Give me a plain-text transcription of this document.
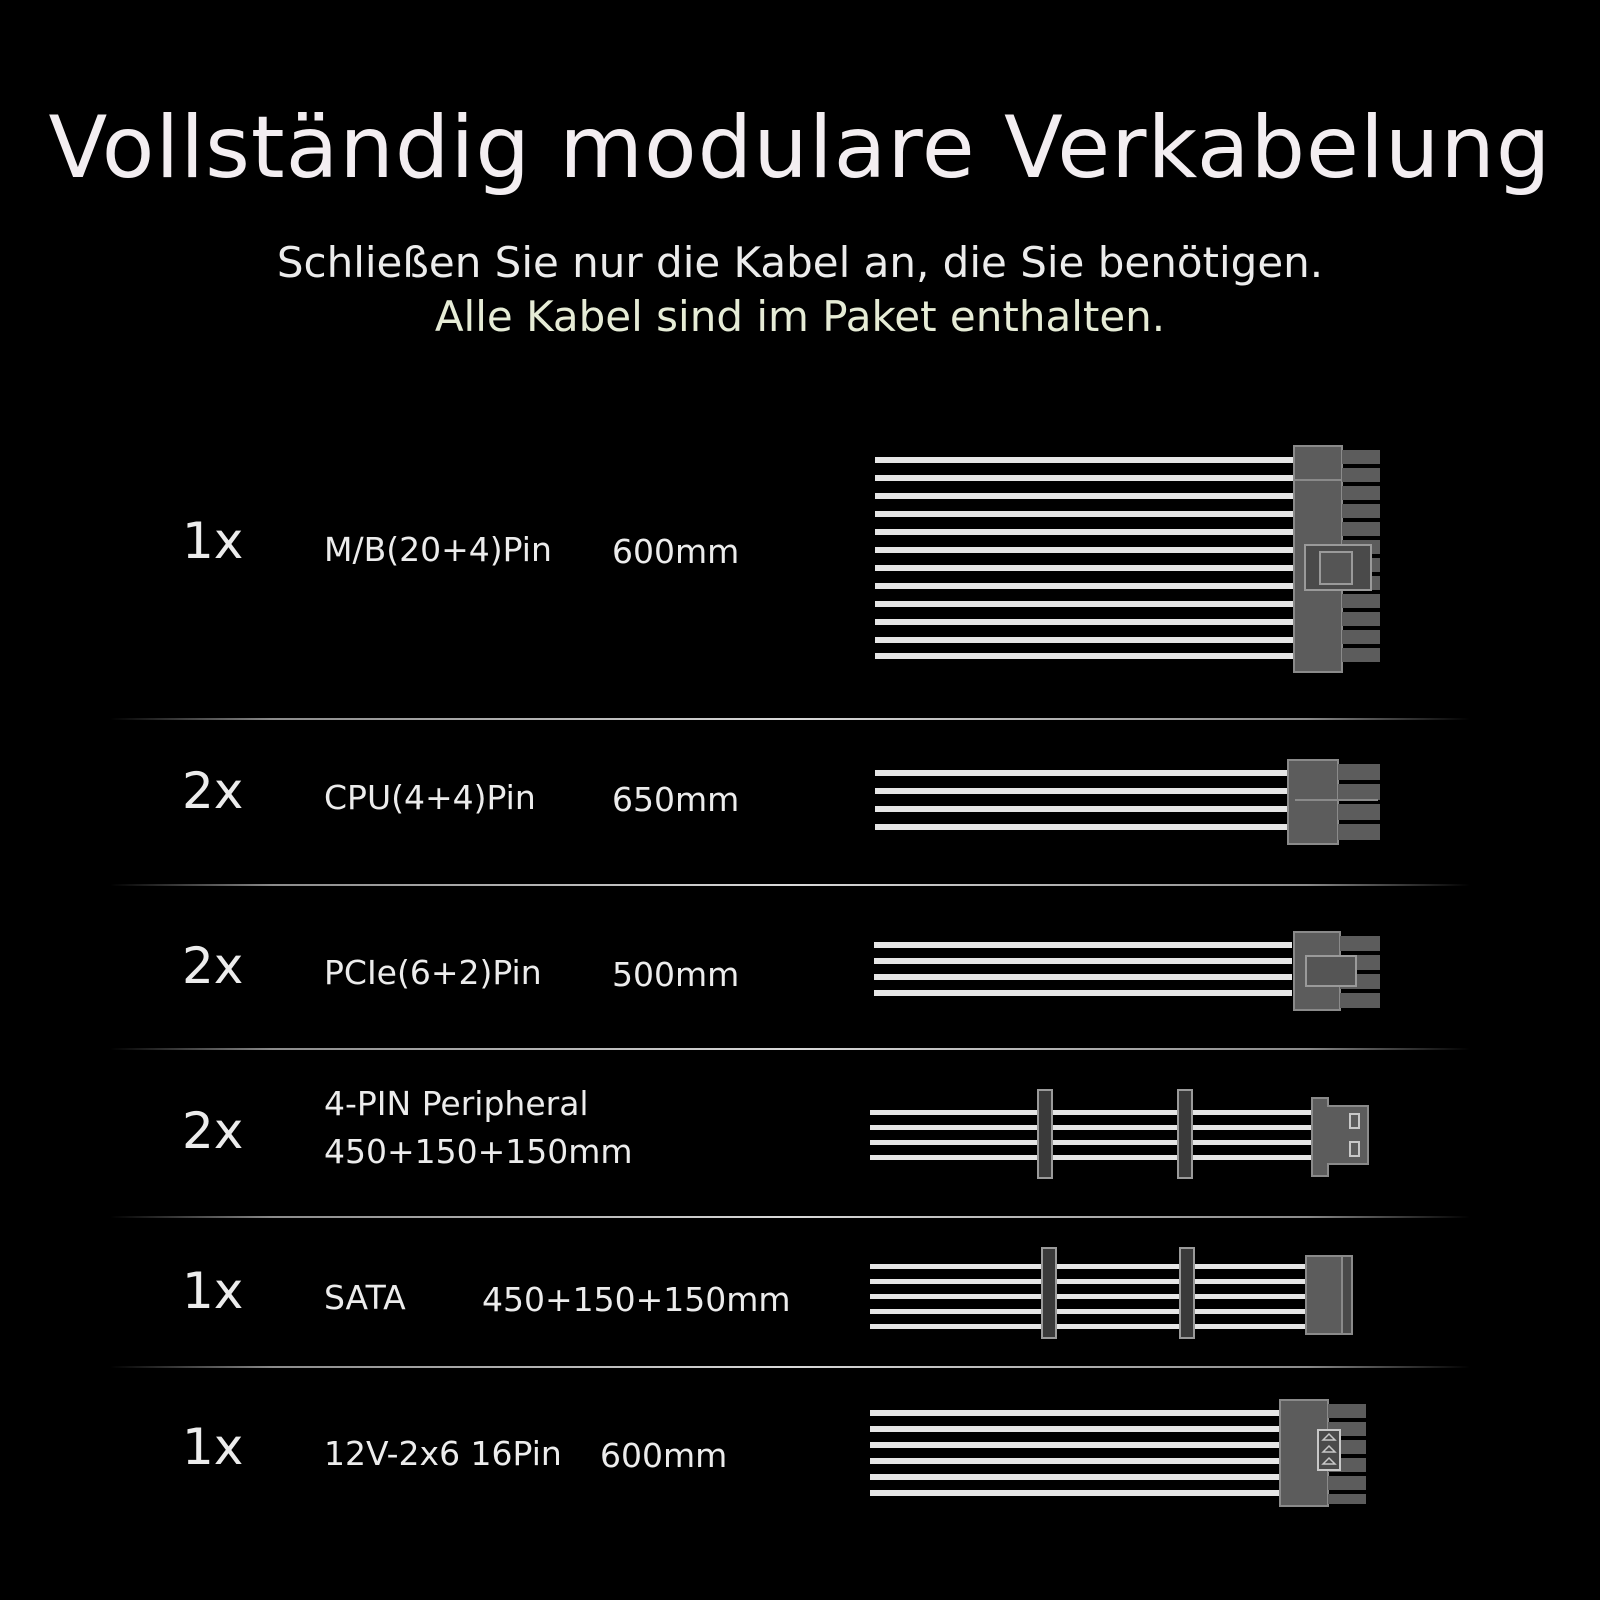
Vollständig modulare Verkabelung

Schließen Sie nur die Kabel an, die Sie benötigen.

Alle Kabel sind im Paket enthalten.

1x M/B(20+4)Pin 600mm
2x CPU(4+4)Pin 650mm
2x PCIe(6+2)Pin 500mm
2x 4-PIN Peripheral
450+150+150mm
1x SATA 450+150+150mm
1x 12V-2x6 16Pin 600mm
